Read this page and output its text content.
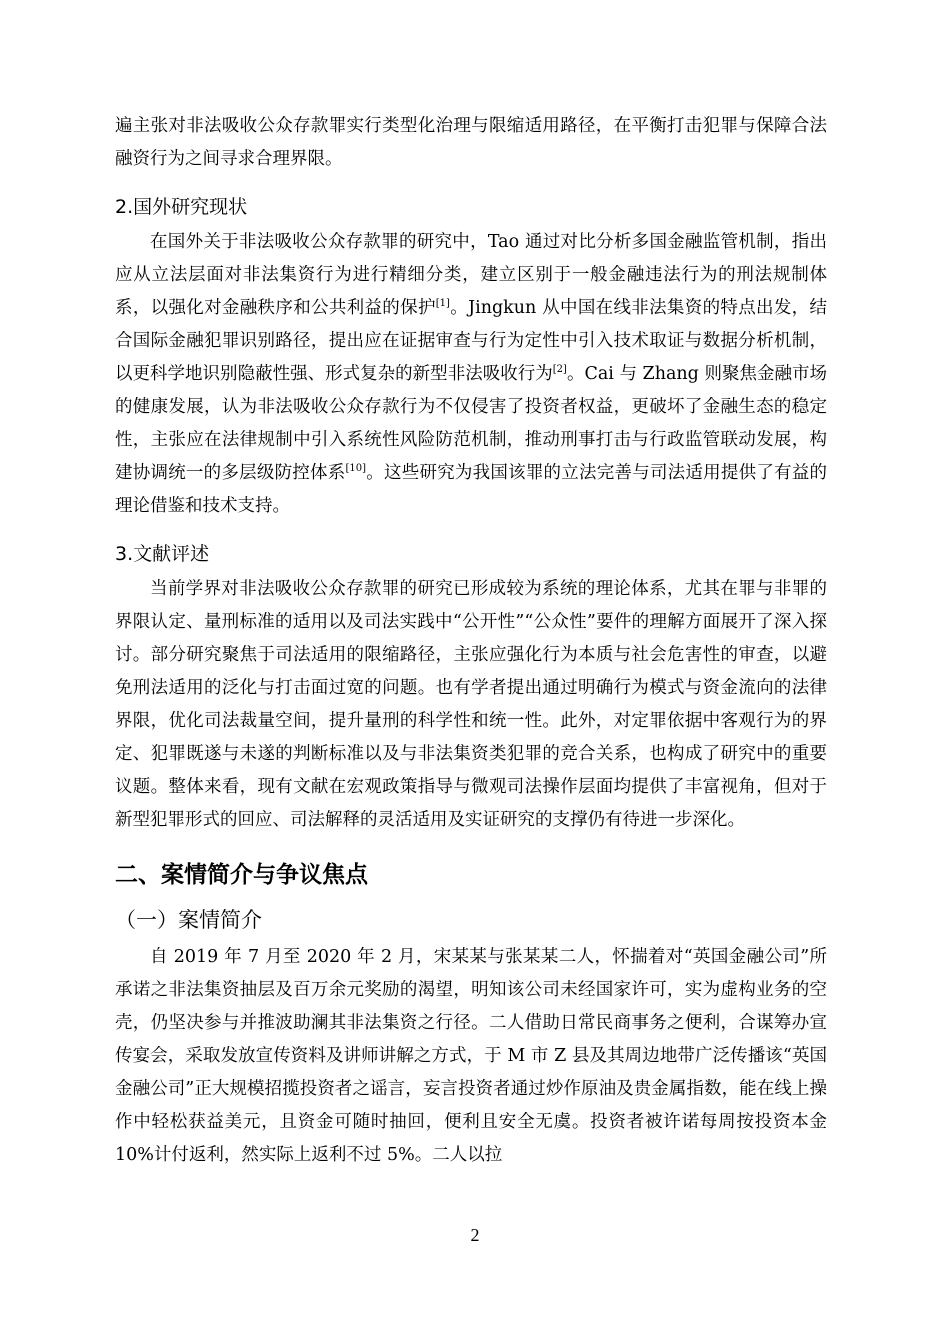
遍主张对非法吸收公众存款罪实行类型化治理与限缩适用路径，在平衡打击犯罪与保障合法融资行为之间寻求合理界限。

2.国外研究现状

在国外关于非法吸收公众存款罪的研究中，Tao 通过对比分析多国金融监管机制，指出应从立法层面对非法集资行为进行精细分类，建立区别于一般金融违法行为的刑法规制体系，以强化对金融秩序和公共利益的保护[1]。Jingkun 从中国在线非法集资的特点出发，结合国际金融犯罪识别路径，提出应在证据审查与行为定性中引入技术取证与数据分析机制，以更科学地识别隐蔽性强、形式复杂的新型非法吸收行为[2]。Cai 与 Zhang 则聚焦金融市场的健康发展，认为非法吸收公众存款行为不仅侵害了投资者权益，更破坏了金融生态的稳定性，主张应在法律规制中引入系统性风险防范机制，推动刑事打击与行政监管联动发展，构建协调统一的多层级防控体系[10]。这些研究为我国该罪的立法完善与司法适用提供了有益的理论借鉴和技术支持。

3.文献评述

当前学界对非法吸收公众存款罪的研究已形成较为系统的理论体系，尤其在罪与非罪的界限认定、量刑标准的适用以及司法实践中“公开性”“公众性”要件的理解方面展开了深入探讨。部分研究聚焦于司法适用的限缩路径，主张应强化行为本质与社会危害性的审查，以避免刑法适用的泛化与打击面过宽的问题。也有学者提出通过明确行为模式与资金流向的法律界限，优化司法裁量空间，提升量刑的科学性和统一性。此外，对定罪依据中客观行为的界定、犯罪既遂与未遂的判断标准以及与非法集资类犯罪的竞合关系，也构成了研究中的重要议题。整体来看，现有文献在宏观政策指导与微观司法操作层面均提供了丰富视角，但对于新型犯罪形式的回应、司法解释的灵活适用及实证研究的支撑仍有待进一步深化。

二、案情简介与争议焦点
（一）案情简介

自 2019 年 7 月至 2020 年 2 月，宋某某与张某某二人，怀揣着对“英国金融公司”所承诺之非法集资抽层及百万余元奖励的渴望，明知该公司未经国家许可，实为虚构业务的空壳，仍坚决参与并推波助澜其非法集资之行径。二人借助日常民商事务之便利，合谋筹办宣传宴会，采取发放宣传资料及讲师讲解之方式，于 M 市 Z 县及其周边地带广泛传播该“英国金融公司”正大规模招揽投资者之谣言，妄言投资者通过炒作原油及贵金属指数，能在线上操作中轻松获益美元，且资金可随时抽回，便利且安全无虞。投资者被许诺每周按投资本金 10%计付返利，然实际上返利不过 5%。二人以拉

2
